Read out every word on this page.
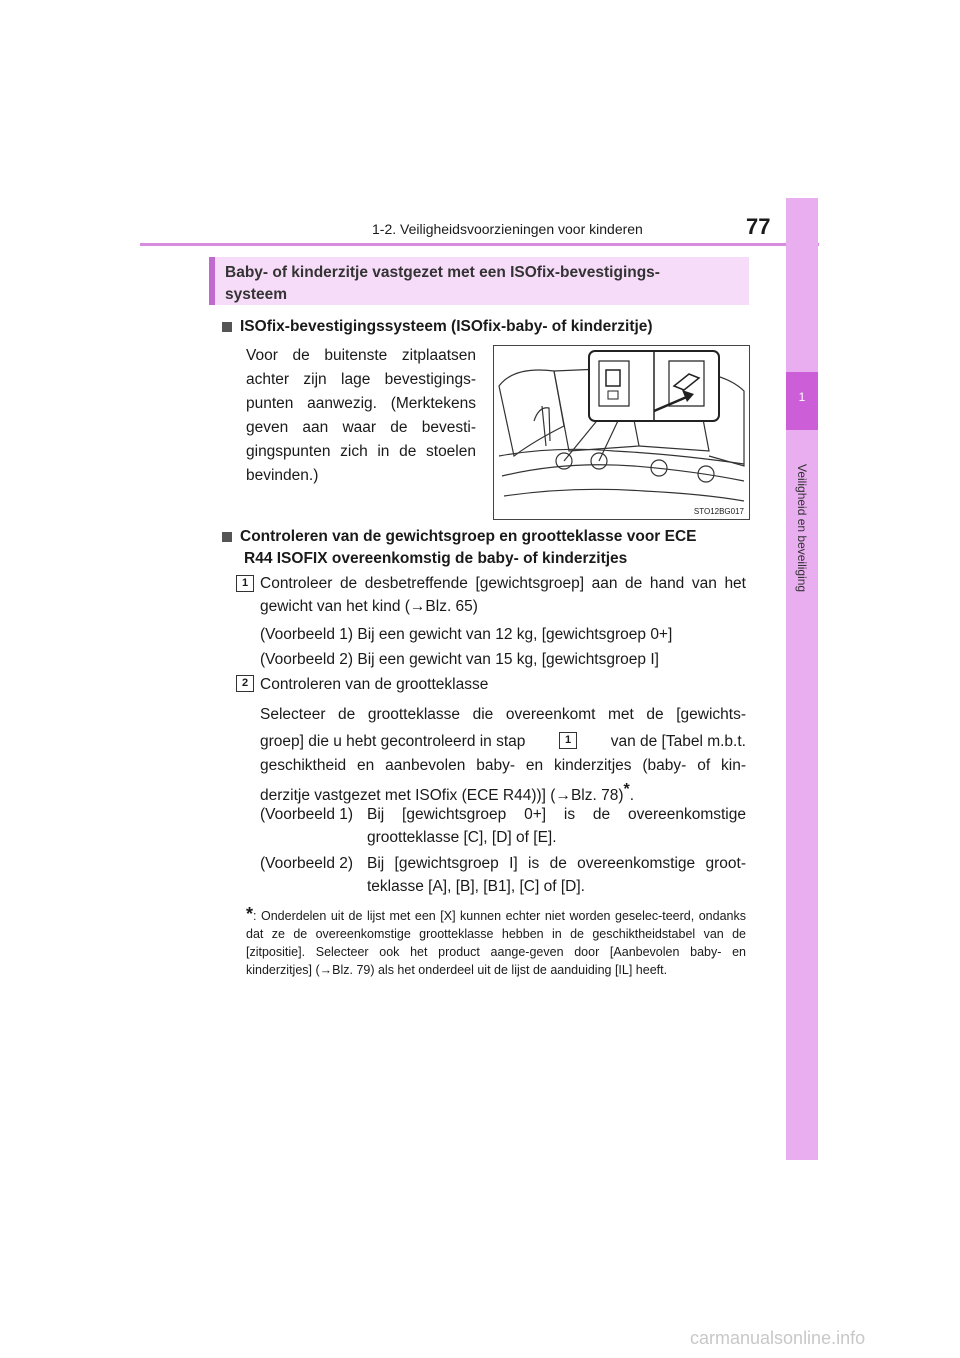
1-2. Veiligheidsvoorzieningen voor kinderen	77
1
Veiligheid en beveiliging
Baby- of kinderzitje vastgezet met een ISOfix-bevestigings-
systeem
ISOfix-bevestigingssysteem (ISOfix-baby- of kinderzitje)
Voor de buitenste zitplaatsen achter zijn lage bevestigings-punten aanwezig. (Merktekens geven aan waar de bevesti-gingspunten zich in de stoelen bevinden.)
STO12BG017
Controleren van de gewichtsgroep en grootteklasse voor ECE
R44 ISOFIX overeenkomstig de baby- of kinderzitjes
1 Controleer de desbetreffende [gewichtsgroep] aan de hand van het gewicht van het kind (→Blz. 65)
(Voorbeeld 1) Bij een gewicht van 12 kg, [gewichtsgroep 0+]
(Voorbeeld 2) Bij een gewicht van 15 kg, [gewichtsgroep I]
2 Controleren van de grootteklasse
Selecteer de grootteklasse die overeenkomt met de [gewichts-
groep] die u hebt gecontroleerd in stap	1	van de [Tabel m.b.t.
geschiktheid en aanbevolen baby- en kinderzitjes (baby- of kin-
derzitje vastgezet met ISOfix (ECE R44))] (→Blz. 78)*.
(Voorbeeld 1) Bij [gewichtsgroep 0+] is de overeenkomstige grootteklasse [C], [D] of [E].
(Voorbeeld 2) Bij [gewichtsgroep I] is de overeenkomstige groot-teklasse [A], [B], [B1], [C] of [D].
*: Onderdelen uit de lijst met een [X] kunnen echter niet worden geselec-teerd, ondanks dat ze de overeenkomstige grootteklasse hebben in de geschiktheidstabel van de [zitpositie]. Selecteer ook het product aange-geven door [Aanbevolen baby- en kinderzitjes] (→Blz. 79) als het onderdeel uit de lijst de aanduiding [IL] heeft.
carmanualsonline.info
